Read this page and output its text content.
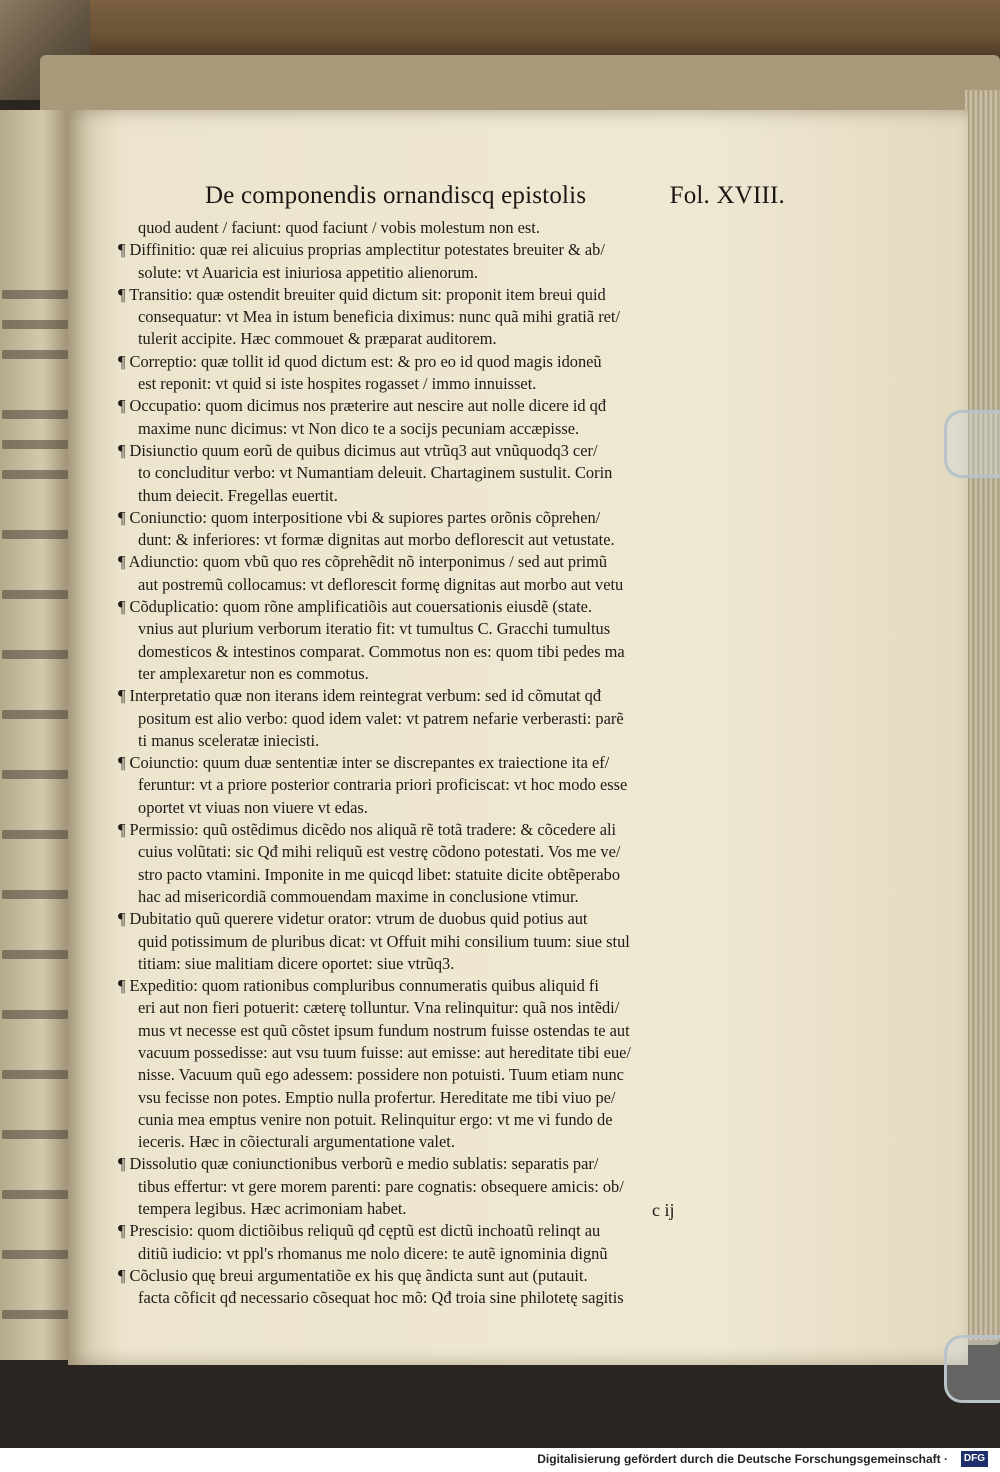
De componendis ornandiscq epistolis	Fol. XVIII.
quod audent / faciunt: quod faciunt / vobis molestum non est.
¶ Diffinitio: quæ rei alicuius proprias amplectitur potestates breuiter & ab/
solute: vt Auaricia est iniuriosa appetitio alienorum.
¶ Transitio: quæ ostendit breuiter quid dictum sit: proponit item breui quid
consequatur: vt Mea in istum beneficia diximus: nunc quã mihi gratiã ret/
tulerit accipite. Hæc commouet & præparat auditorem.
¶ Correptio: quæ tollit id quod dictum est: & pro eo id quod magis idoneũ
est reponit: vt quid si iste hospites rogasset / immo innuisset.
¶ Occupatio: quom dicimus nos præterire aut nescire aut nolle dicere id qđ
maxime nunc dicimus: vt Non dico te a socijs pecuniam accæpisse.
¶ Disiunctio quum eorũ de quibus dicimus aut vtrũq3 aut vnũquodq3 cer/
to concluditur verbo: vt Numantiam deleuit. Chartaginem sustulit. Corin
thum deiecit. Fregellas euertit.
¶ Coniunctio: quom interpositione vbi & supiores partes orõnis cõprehen/
dunt: & inferiores: vt formæ dignitas aut morbo deflorescit aut vetustate.
¶ Adiunctio: quom vbũ quo res cõprehẽdit nõ interponimus / sed aut primũ
aut postremũ collocamus: vt deflorescit formę dignitas aut morbo aut vetu
¶ Cõduplicatio: quom rõne amplificatiõis aut couersationis eiusdẽ (state.
vnius aut plurium verborum iteratio fit: vt tumultus C. Gracchi tumultus
domesticos & intestinos comparat. Commotus non es: quom tibi pedes ma
ter amplexaretur non es commotus.
¶ Interpretatio quæ non iterans idem reintegrat verbum: sed id cõmutat qđ
positum est alio verbo: quod idem valet: vt patrem nefarie verberasti: parẽ
ti manus sceleratæ iniecisti.
¶ Coiunctio: quum duæ sententiæ inter se discrepantes ex traiectione ita ef/
feruntur: vt a priore posterior contraria priori proficiscat: vt hoc modo esse
oportet vt viuas non viuere vt edas.
¶ Permissio: quũ ostẽdimus dicẽdo nos aliquã rẽ totã tradere: & cõcedere ali
cuius volũtati: sic Qđ mihi reliquũ est vestrę cõdono potestati. Vos me ve/
stro pacto vtamini. Imponite in me quicqd libet: statuite dicite obtẽperabo
hac ad misericordiã commouendam maxime in conclusione vtimur.
¶ Dubitatio quũ querere videtur orator: vtrum de duobus quid potius aut
quid potissimum de pluribus dicat: vt Offuit mihi consilium tuum: siue stul
titiam: siue malitiam dicere oportet: siue vtrũq3.
¶ Expeditio: quom rationibus compluribus connumeratis quibus aliquid fi
eri aut non fieri potuerit: cæterę tolluntur. Vna relinquitur: quã nos intẽdi/
mus vt necesse est quũ cõstet ipsum fundum nostrum fuisse ostendas te aut
vacuum possedisse: aut vsu tuum fuisse: aut emisse: aut hereditate tibi eue/
nisse. Vacuum quũ ego adessem: possidere non potuisti. Tuum etiam nunc
vsu fecisse non potes. Emptio nulla profertur. Hereditate me tibi viuo pe/
cunia mea emptus venire non potuit. Relinquitur ergo: vt me vi fundo de
ieceris. Hæc in cõiecturali argumentatione valet.
¶ Dissolutio quæ coniunctionibus verborũ e medio sublatis: separatis par/
tibus effertur: vt gere morem parenti: pare cognatis: obsequere amicis: ob/
tempera legibus. Hæc acrimoniam habet.
¶ Prescisio: quom dictiõibus reliquũ qđ cęptũ est dictũ inchoatũ relinqt au
ditiũ iudicio: vt ppl's rhomanus me nolo dicere: te autẽ ignominia dignũ
¶ Cõclusio quę breui argumentatiõe ex his quę ãndicta sunt aut (putauit.
facta cõficit qđ necessario cõsequat hoc mõ: Qđ troia sine philotetę sagitis
c ij
Digitalisierung gefördert durch die Deutsche Forschungsgemeinschaft ·	DFG
